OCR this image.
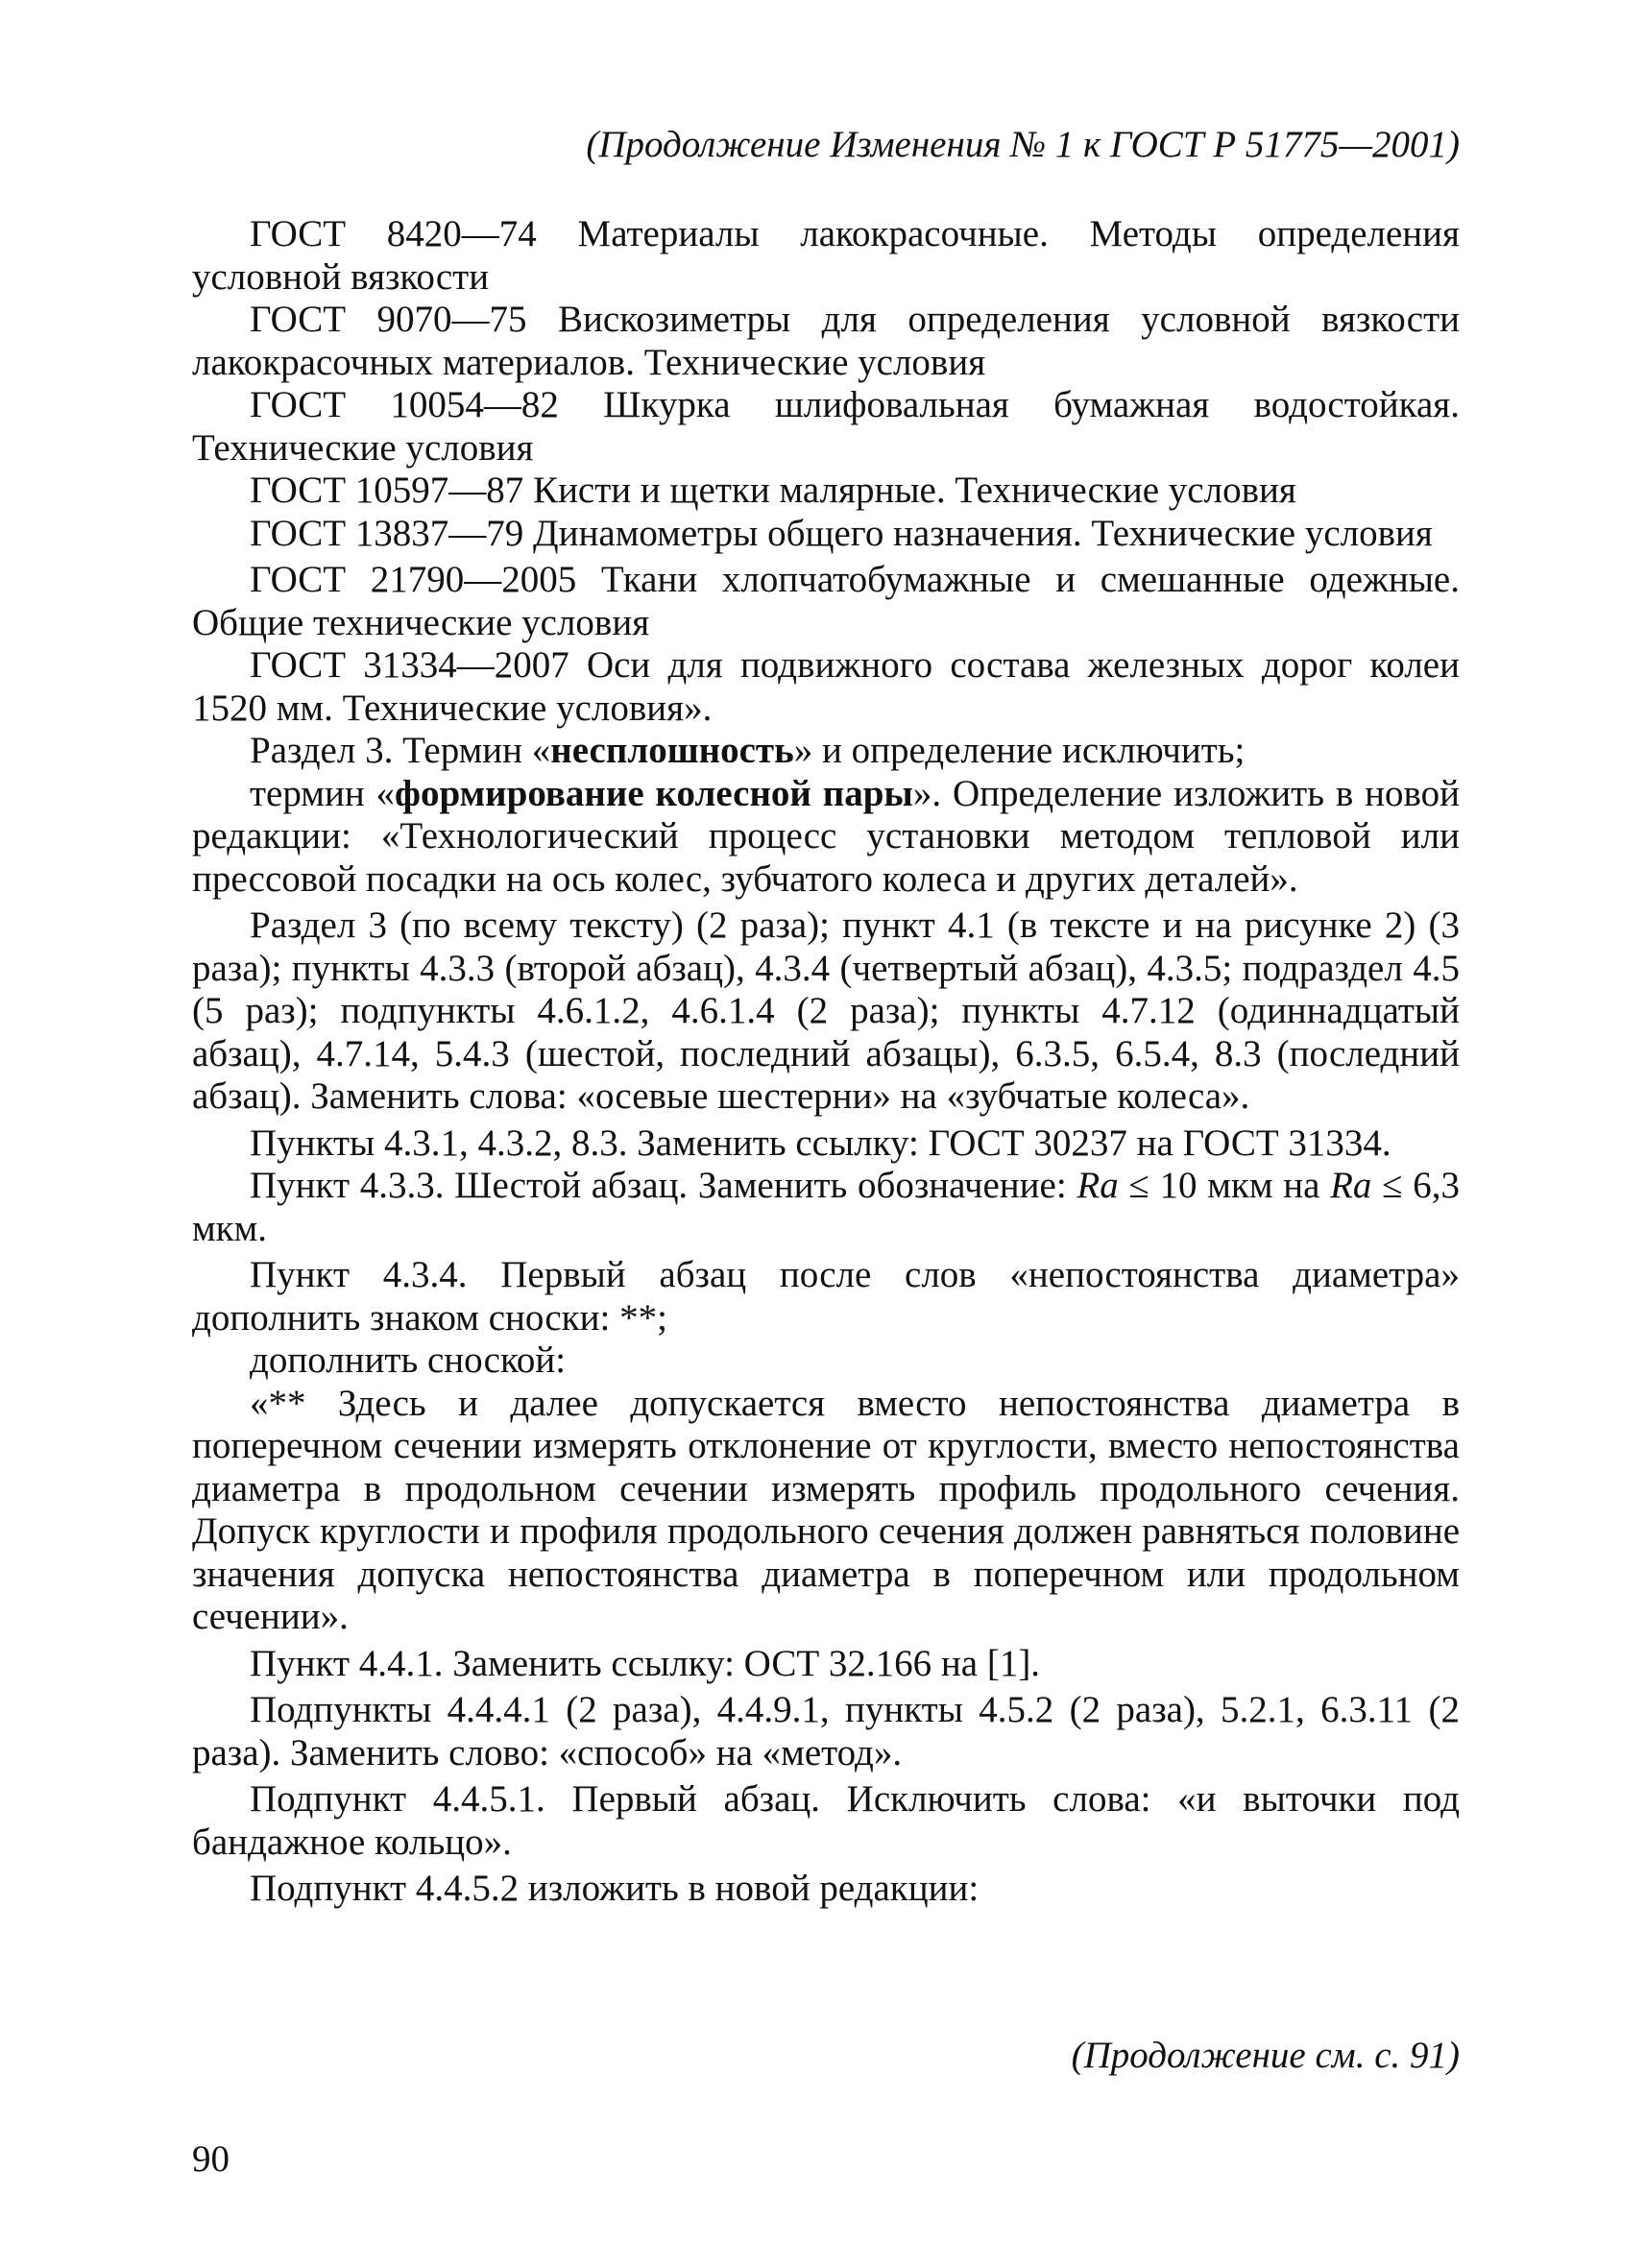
(Продолжение Изменения № 1 к ГОСТ Р 51775—2001)

ГОСТ 8420—74 Материалы лакокрасочные. Методы определения условной вязкости

ГОСТ 9070—75 Вискозиметры для определения условной вязкости лакокрасочных материалов. Технические условия

ГОСТ 10054—82 Шкурка шлифовальная бумажная водостойкая. Технические условия

ГОСТ 10597—87 Кисти и щетки малярные. Технические условия

ГОСТ 13837—79 Динамометры общего назначения. Технические условия

ГОСТ 21790—2005 Ткани хлопчатобумажные и смешанные одежные. Общие технические условия

ГОСТ 31334—2007 Оси для подвижного состава железных дорог колеи 1520 мм. Технические условия».

Раздел 3. Термин «несплошность» и определение исключить;

термин «формирование колесной пары». Определение изложить в новой редакции: «Технологический процесс установки методом тепловой или прессовой посадки на ось колес, зубчатого колеса и других деталей».

Раздел 3 (по всему тексту) (2 раза); пункт 4.1 (в тексте и на рисунке 2) (3 раза); пункты 4.3.3 (второй абзац), 4.3.4 (четвертый абзац), 4.3.5; подраздел 4.5 (5 раз); подпункты 4.6.1.2, 4.6.1.4 (2 раза); пункты 4.7.12 (одиннадцатый абзац), 4.7.14, 5.4.3 (шестой, последний абзацы), 6.3.5, 6.5.4, 8.3 (последний абзац). Заменить слова: «осевые шестерни» на «зубчатые колеса».

Пункты 4.3.1, 4.3.2, 8.3. Заменить ссылку: ГОСТ 30237 на ГОСТ 31334.

Пункт 4.3.3. Шестой абзац. Заменить обозначение: Ra ≤ 10 мкм на Ra ≤ 6,3 мкм.

Пункт 4.3.4. Первый абзац после слов «непостоянства диаметра» дополнить знаком сноски: **;

дополнить сноской:

«** Здесь и далее допускается вместо непостоянства диаметра в поперечном сечении измерять отклонение от круглости, вместо непостоянства диаметра в продольном сечении измерять профиль продольного сечения. Допуск круглости и профиля продольного сечения должен равняться половине значения допуска непостоянства диаметра в поперечном или продольном сечении».

Пункт 4.4.1. Заменить ссылку: ОСТ 32.166 на [1].

Подпункты 4.4.4.1 (2 раза), 4.4.9.1, пункты 4.5.2 (2 раза), 5.2.1, 6.3.11 (2 раза). Заменить слово: «способ» на «метод».

Подпункт 4.4.5.1. Первый абзац. Исключить слова: «и выточки под бандажное кольцо».

Подпункт 4.4.5.2 изложить в новой редакции:

(Продолжение см. с. 91)
90
